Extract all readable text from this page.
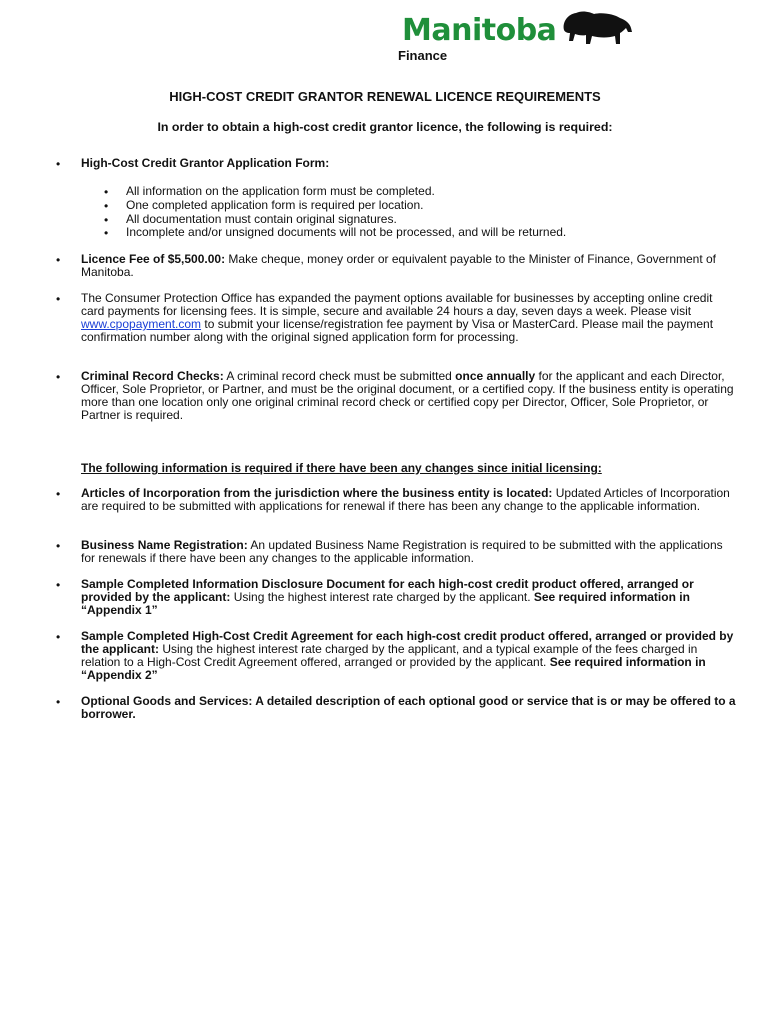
Manitoba
Finance
HIGH-COST CREDIT GRANTOR RENEWAL LICENCE REQUIREMENTS
In order to obtain a high-cost credit grantor licence, the following is required:
• High-Cost Credit Grantor Application Form:
• All information on the application form must be completed.
• One completed application form is required per location.
• All documentation must contain original signatures.
• Incomplete and/or unsigned documents will not be processed, and will be returned.
• Licence Fee of $5,500.00: Make cheque, money order or equivalent payable to the Minister of Finance, Government of Manitoba.
• The Consumer Protection Office has expanded the payment options available for businesses by accepting online credit card payments for licensing fees. It is simple, secure and available 24 hours a day, seven days a week. Please visit www.cpopayment.com to submit your license/registration fee payment by Visa or MasterCard. Please mail the payment confirmation number along with the original signed application form for processing.
• Criminal Record Checks: A criminal record check must be submitted once annually for the applicant and each Director, Officer, Sole Proprietor, or Partner, and must be the original document, or a certified copy. If the business entity is operating more than one location only one original criminal record check or certified copy per Director, Officer, Sole Proprietor, or Partner is required.
The following information is required if there have been any changes since initial licensing:
• Articles of Incorporation from the jurisdiction where the business entity is located: Updated Articles of Incorporation are required to be submitted with applications for renewal if there has been any change to the applicable information.
• Business Name Registration: An updated Business Name Registration is required to be submitted with the applications for renewals if there have been any changes to the applicable information.
• Sample Completed Information Disclosure Document for each high-cost credit product offered, arranged or provided by the applicant: Using the highest interest rate charged by the applicant. See required information in “Appendix 1”
• Sample Completed High-Cost Credit Agreement for each high-cost credit product offered, arranged or provided by the applicant: Using the highest interest rate charged by the applicant, and a typical example of the fees charged in relation to a High-Cost Credit Agreement offered, arranged or provided by the applicant. See required information in “Appendix 2”
• Optional Goods and Services: A detailed description of each optional good or service that is or may be offered to a borrower.
